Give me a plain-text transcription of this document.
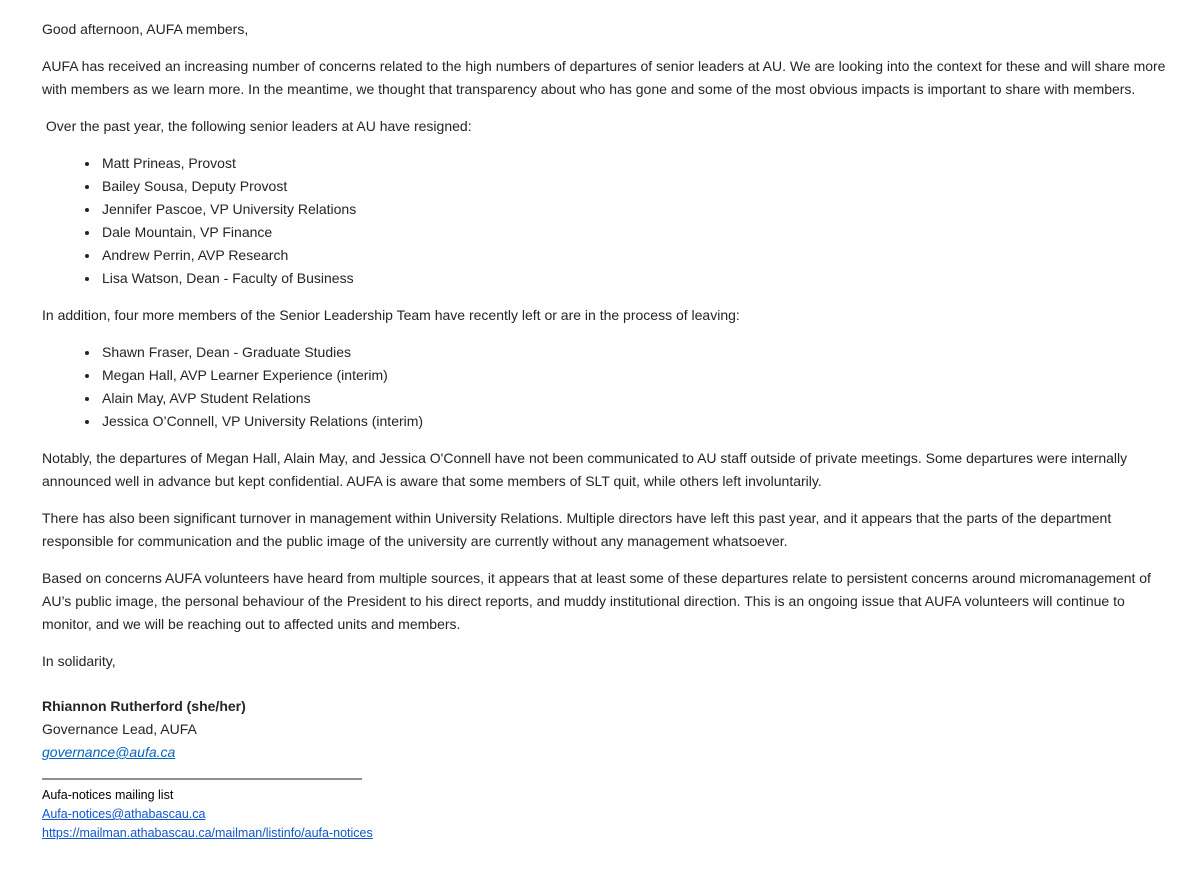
Good afternoon, AUFA members,

AUFA has received an increasing number of concerns related to the high numbers of departures of senior leaders at AU. We are looking into the context for these and will share more with members as we learn more. In the meantime, we thought that transparency about who has gone and some of the most obvious impacts is important to share with members.

Over the past year, the following senior leaders at AU have resigned:

• Matt Prineas, Provost
• Bailey Sousa, Deputy Provost
• Jennifer Pascoe, VP University Relations
• Dale Mountain, VP Finance
• Andrew Perrin, AVP Research
• Lisa Watson, Dean - Faculty of Business

In addition, four more members of the Senior Leadership Team have recently left or are in the process of leaving:

• Shawn Fraser, Dean - Graduate Studies
• Megan Hall, AVP Learner Experience (interim)
• Alain May, AVP Student Relations
• Jessica O’Connell, VP University Relations (interim)

Notably, the departures of Megan Hall, Alain May, and Jessica O'Connell have not been communicated to AU staff outside of private meetings. Some departures were internally announced well in advance but kept confidential. AUFA is aware that some members of SLT quit, while others left involuntarily.

There has also been significant turnover in management within University Relations. Multiple directors have left this past year, and it appears that the parts of the department responsible for communication and the public image of the university are currently without any management whatsoever.

Based on concerns AUFA volunteers have heard from multiple sources, it appears that at least some of these departures relate to persistent concerns around micromanagement of AU’s public image, the personal behaviour of the President to his direct reports, and muddy institutional direction. This is an ongoing issue that AUFA volunteers will continue to monitor, and we will be reaching out to affected units and members.

In solidarity,

Rhiannon Rutherford (she/her)
Governance Lead, AUFA
governance@aufa.ca
Aufa-notices mailing list
Aufa-notices@athabascau.ca
https://mailman.athabascau.ca/mailman/listinfo/aufa-notices
